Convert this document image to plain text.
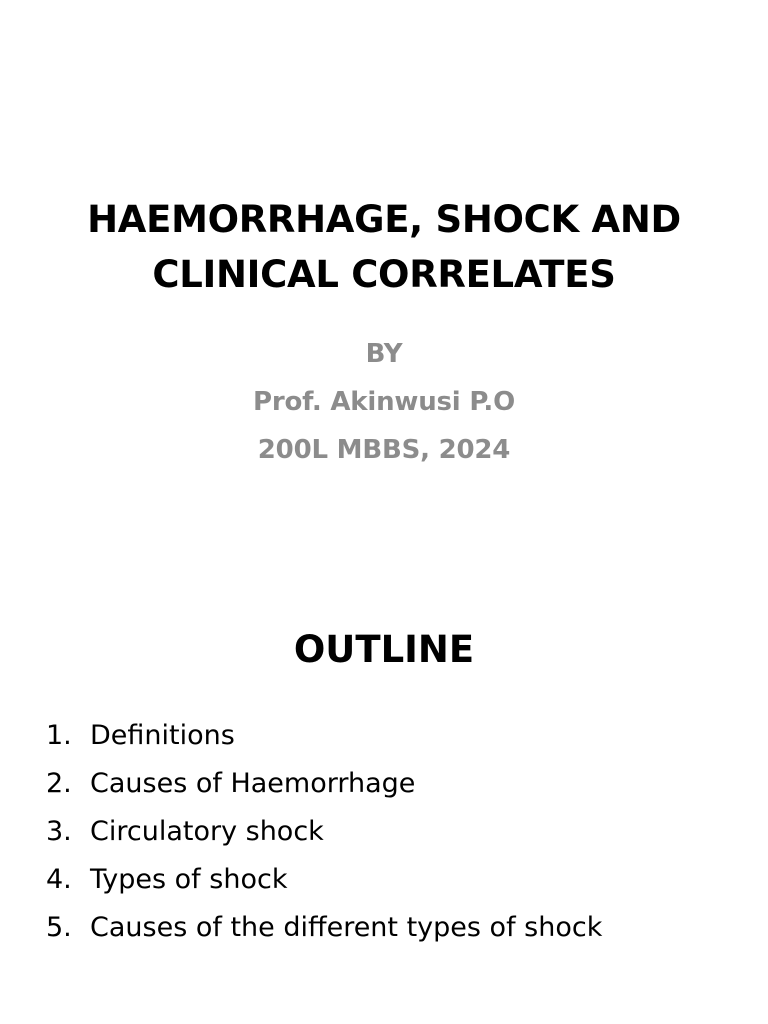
HAEMORRHAGE, SHOCK AND
CLINICAL CORRELATES
BY
Prof. Akinwusi P.O
200L MBBS, 2024
OUTLINE
1. Definitions
2. Causes of Haemorrhage
3. Circulatory shock
4. Types of shock
5. Causes of the different types of shock
